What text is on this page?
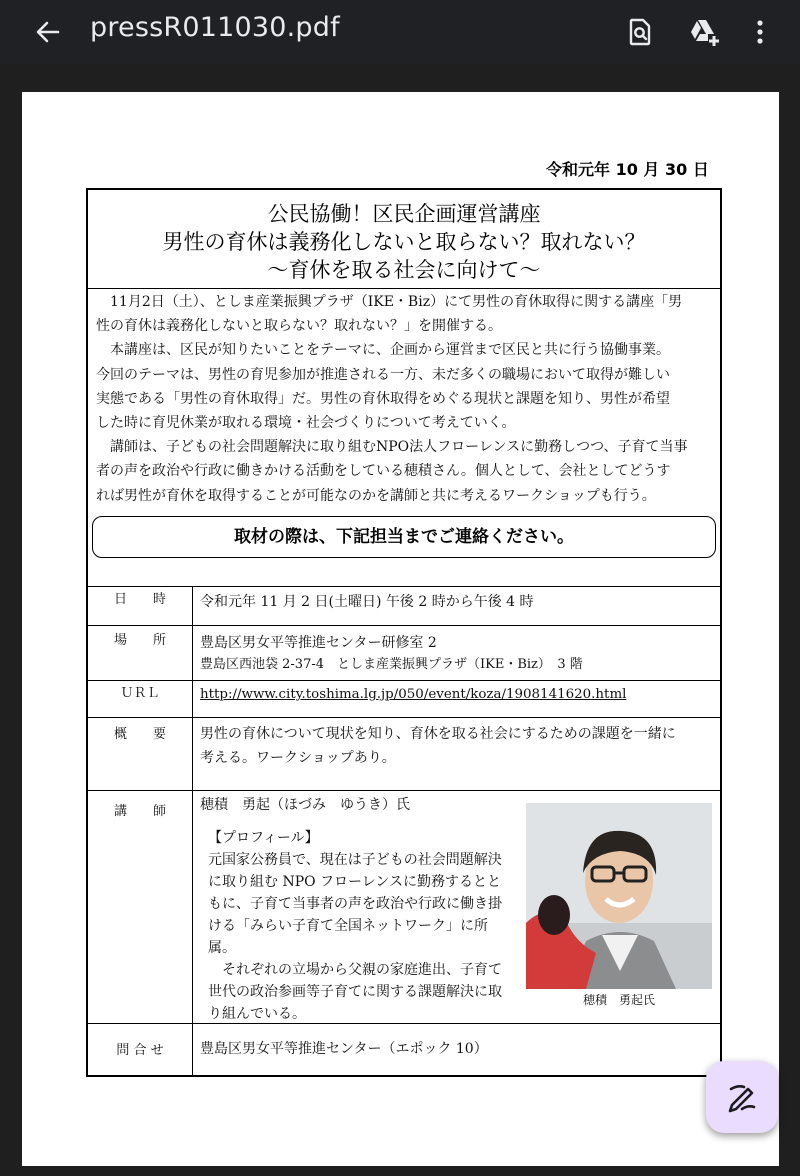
pressR011030.pdf
令和元年 10 月 30 日
公民協働！区民企画運営講座
男性の育休は義務化しないと取らない？取れない？
～育休を取る社会に向けて～
11月2日（土）、としま産業振興プラザ（IKE・Biz）にて男性の育休取得に関する講座「男
性の育休は義務化しないと取らない？取れない？」を開催する。
本講座は、区民が知りたいことをテーマに、企画から運営まで区民と共に行う協働事業。
今回のテーマは、男性の育児参加が推進される一方、未だ多くの職場において取得が難しい
実態である「男性の育休取得」だ。男性の育休取得をめぐる現状と課題を知り、男性が希望
した時に育児休業が取れる環境・社会づくりについて考えていく。
講師は、子どもの社会問題解決に取り組むNPO法人フローレンスに勤務しつつ、子育て当事
者の声を政治や行政に働きかける活動をしている穂積さん。個人として、会社としてどうす
れば男性が育休を取得することが可能なのかを講師と共に考えるワークショップも行う。
取材の際は、下記担当までご連絡ください。
日　　時	令和元年 11 月 2 日(土曜日) 午後 2 時から午後 4 時
場　　所	豊島区男女平等推進センター研修室 2
豊島区西池袋 2-37-4　としま産業振興プラザ（IKE・Biz）　3 階
ＵＲＬ	http://www.city.toshima.lg.jp/050/event/koza/1908141620.html
概　　要	男性の育休について現状を知り、育休を取る社会にするための課題を一緒に
考える。ワークショップあり。
講　　師	穂積　勇起（ほづみ　ゆうき）氏
【プロフィール】
元国家公務員で、現在は子どもの社会問題解決
に取り組む NPO フローレンスに勤務するとと
もに、子育て当事者の声を政治や行政に働き掛
ける「みらい子育て全国ネットワーク」に所属。
　それぞれの立場から父親の家庭進出、子育て
世代の政治参画等子育てに関する課題解決に取
り組んでいる。
穂積　勇起氏
問 合 せ	豊島区男女平等推進センター（エポック 10）
